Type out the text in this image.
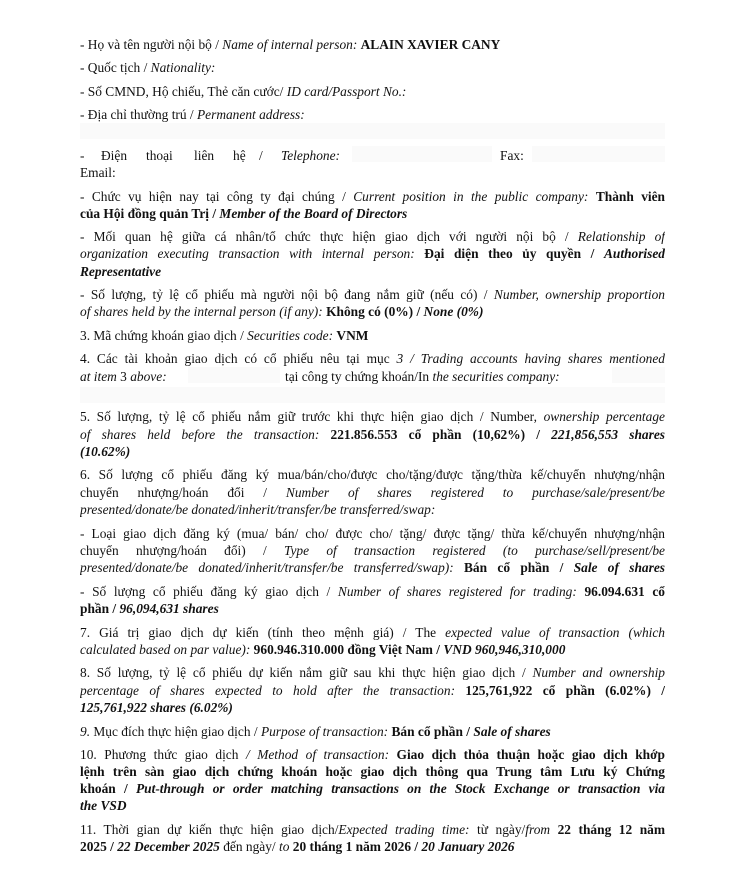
- Họ và tên người nội bộ / Name of internal person: ALAIN XAVIER CANY
- Quốc tịch / Nationality:
- Số CMND, Hộ chiếu, Thẻ căn cước/ ID card/Passport No.:
- Địa chỉ thường trú / Permanent address:
- Điện thoại liên hệ / Telephone:	Fax:
Email:
- Chức vụ hiện nay tại công ty đại chúng / Current position in the public company: Thành viên
của Hội đồng quản Trị / Member of the Board of Directors
- Mối quan hệ giữa cá nhân/tổ chức thực hiện giao dịch với người nội bộ / Relationship of
organization executing transaction with internal person: Đại diện theo ủy quyền / Authorised
Representative
- Số lượng, tỷ lệ cổ phiếu mà người nội bộ đang nắm giữ (nếu có) / Number, ownership proportion
of shares held by the internal person (if any): Không có (0%) / None (0%)
3. Mã chứng khoán giao dịch / Securities code: VNM
4. Các tài khoản giao dịch có cổ phiếu nêu tại mục 3 / Trading accounts having shares mentioned
at item 3 above:	tại công ty chứng khoán/In the securities company:
5. Số lượng, tỷ lệ cổ phiếu nắm giữ trước khi thực hiện giao dịch / Number, ownership percentage
of shares held before the transaction: 221.856.553 cổ phần (10,62%) / 221,856,553 shares
(10.62%)
6. Số lượng cổ phiếu đăng ký mua/bán/cho/được cho/tặng/được tặng/thừa kế/chuyển nhượng/nhận
chuyển nhượng/hoán đổi / Number of shares registered to purchase/sale/present/be
presented/donate/be donated/inherit/transfer/be transferred/swap:
- Loại giao dịch đăng ký (mua/ bán/ cho/ được cho/ tặng/ được tặng/ thừa kế/chuyển nhượng/nhận
chuyển nhượng/hoán đổi) / Type of transaction registered (to purchase/sell/present/be
presented/donate/be donated/inherit/transfer/be transferred/swap): Bán cổ phần / Sale of shares
- Số lượng cổ phiếu đăng ký giao dịch / Number of shares registered for trading: 96.094.631 cổ
phần / 96,094,631 shares
7. Giá trị giao dịch dự kiến (tính theo mệnh giá) / The expected value of transaction (which
calculated based on par value): 960.946.310.000 đồng Việt Nam / VND 960,946,310,000
8. Số lượng, tỷ lệ cổ phiếu dự kiến nắm giữ sau khi thực hiện giao dịch / Number and ownership
percentage of shares expected to hold after the transaction: 125,761,922 cổ phần (6.02%) /
125,761,922 shares (6.02%)
9. Mục đích thực hiện giao dịch / Purpose of transaction: Bán cổ phần / Sale of shares
10. Phương thức giao dịch / Method of transaction: Giao dịch thỏa thuận hoặc giao dịch khớp
lệnh trên sàn giao dịch chứng khoán hoặc giao dịch thông qua Trung tâm Lưu ký Chứng
khoán / Put-through or order matching transactions on the Stock Exchange or transaction via
the VSD
11. Thời gian dự kiến thực hiện giao dịch/Expected trading time: từ ngày/from 22 tháng 12 năm
2025 / 22 December 2025 đến ngày/ to 20 tháng 1 năm 2026 / 20 January 2026
